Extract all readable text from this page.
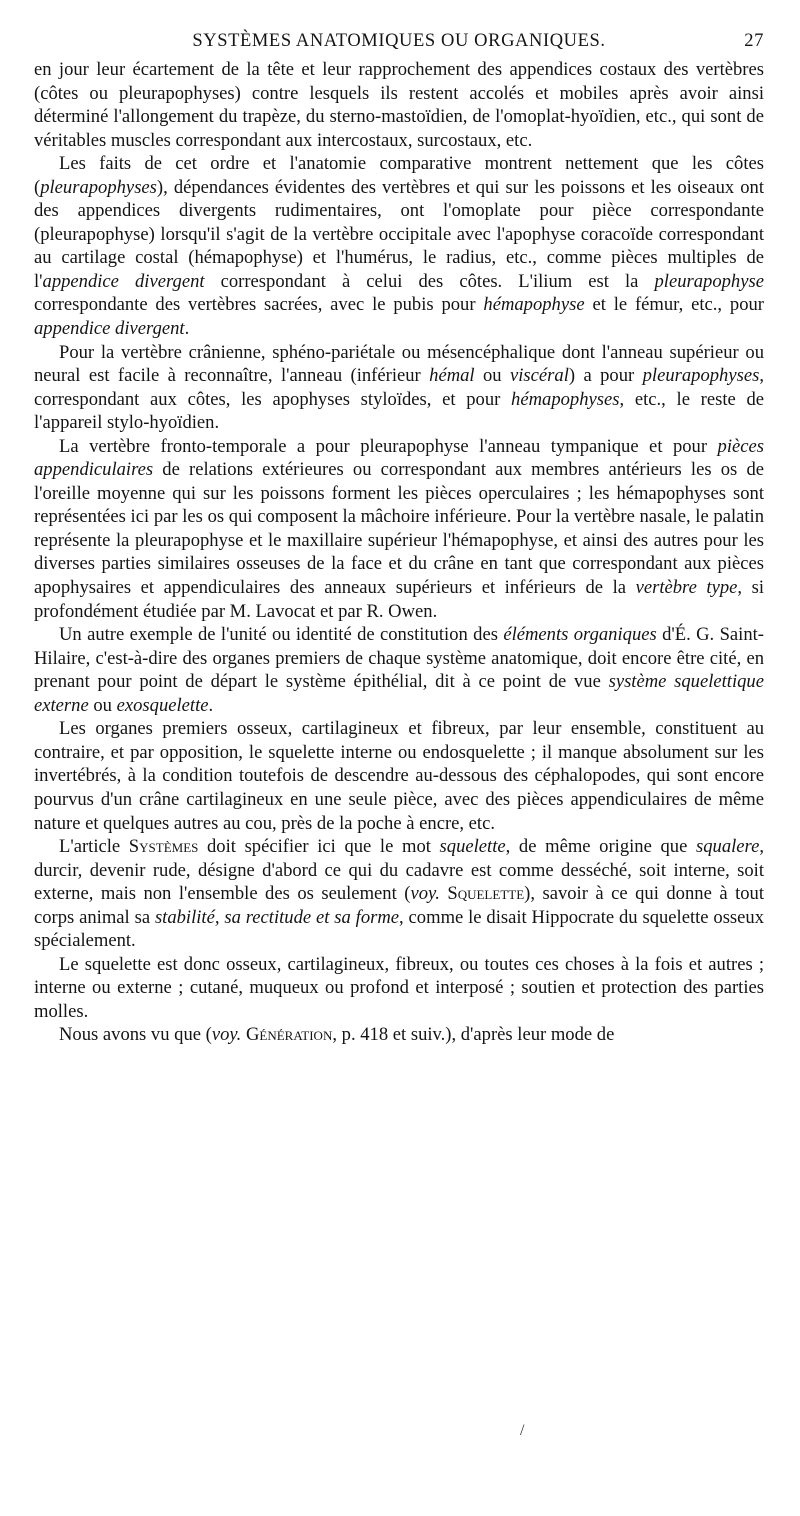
SYSTÈMES ANATOMIQUES OU ORGANIQUES.	27

en jour leur écartement de la tête et leur rapprochement des appendices costaux des vertèbres (côtes ou pleurapophyses) contre lesquels ils restent accolés et mobiles après avoir ainsi déterminé l'allongement du trapèze, du sterno-mastoïdien, de l'omoplat-hyoïdien, etc., qui sont de véritables muscles correspondant aux intercostaux, surcostaux, etc.

Les faits de cet ordre et l'anatomie comparative montrent nettement que les côtes (pleurapophyses), dépendances évidentes des vertèbres et qui sur les poissons et les oiseaux ont des appendices divergents rudimentaires, ont l'omoplate pour pièce correspondante (pleurapophyse) lorsqu'il s'agit de la vertèbre occipitale avec l'apophyse coracoïde correspondant au cartilage costal (hémapophyse) et l'humérus, le radius, etc., comme pièces multiples de l'appendice divergent correspondant à celui des côtes. L'ilium est la pleurapophyse correspondante des vertèbres sacrées, avec le pubis pour hémapophyse et le fémur, etc., pour appendice divergent.

Pour la vertèbre crânienne, sphéno-pariétale ou mésencéphalique dont l'anneau supérieur ou neural est facile à reconnaître, l'anneau (inférieur hémal ou viscéral) a pour pleurapophyses, correspondant aux côtes, les apophyses styloïdes, et pour hémapophyses, etc., le reste de l'appareil stylo-hyoïdien.

La vertèbre fronto-temporale a pour pleurapophyse l'anneau tympanique et pour pièces appendiculaires de relations extérieures ou correspondant aux membres antérieurs les os de l'oreille moyenne qui sur les poissons forment les pièces operculaires ; les hémapophyses sont représentées ici par les os qui composent la mâchoire inférieure. Pour la vertèbre nasale, le palatin représente la pleurapophyse et le maxillaire supérieur l'hémapophyse, et ainsi des autres pour les diverses parties similaires osseuses de la face et du crâne en tant que correspondant aux pièces apophysaires et appendiculaires des anneaux supérieurs et inférieurs de la vertèbre type, si profondément étudiée par M. Lavocat et par R. Owen.

Un autre exemple de l'unité ou identité de constitution des éléments organiques d'É. G. Saint-Hilaire, c'est-à-dire des organes premiers de chaque système anatomique, doit encore être cité, en prenant pour point de départ le système épithélial, dit à ce point de vue système squelettique externe ou exosquelette.

Les organes premiers osseux, cartilagineux et fibreux, par leur ensemble, constituent au contraire, et par opposition, le squelette interne ou endosquelette ; il manque absolument sur les invertébrés, à la condition toutefois de descendre au-dessous des céphalopodes, qui sont encore pourvus d'un crâne cartilagineux en une seule pièce, avec des pièces appendiculaires de même nature et quelques autres au cou, près de la poche à encre, etc.

L'article Systèmes doit spécifier ici que le mot squelette, de même origine que squalere, durcir, devenir rude, désigne d'abord ce qui du cadavre est comme desséché, soit interne, soit externe, mais non l'ensemble des os seulement (voy. Squelette), savoir à ce qui donne à tout corps animal sa stabilité, sa rectitude et sa forme, comme le disait Hippocrate du squelette osseux spécialement.

Le squelette est donc osseux, cartilagineux, fibreux, ou toutes ces choses à la fois et autres ; interne ou externe ; cutané, muqueux ou profond et interposé ; soutien et protection des parties molles.

Nous avons vu que (voy. Génération, p. 418 et suiv.), d'après leur mode de

/
